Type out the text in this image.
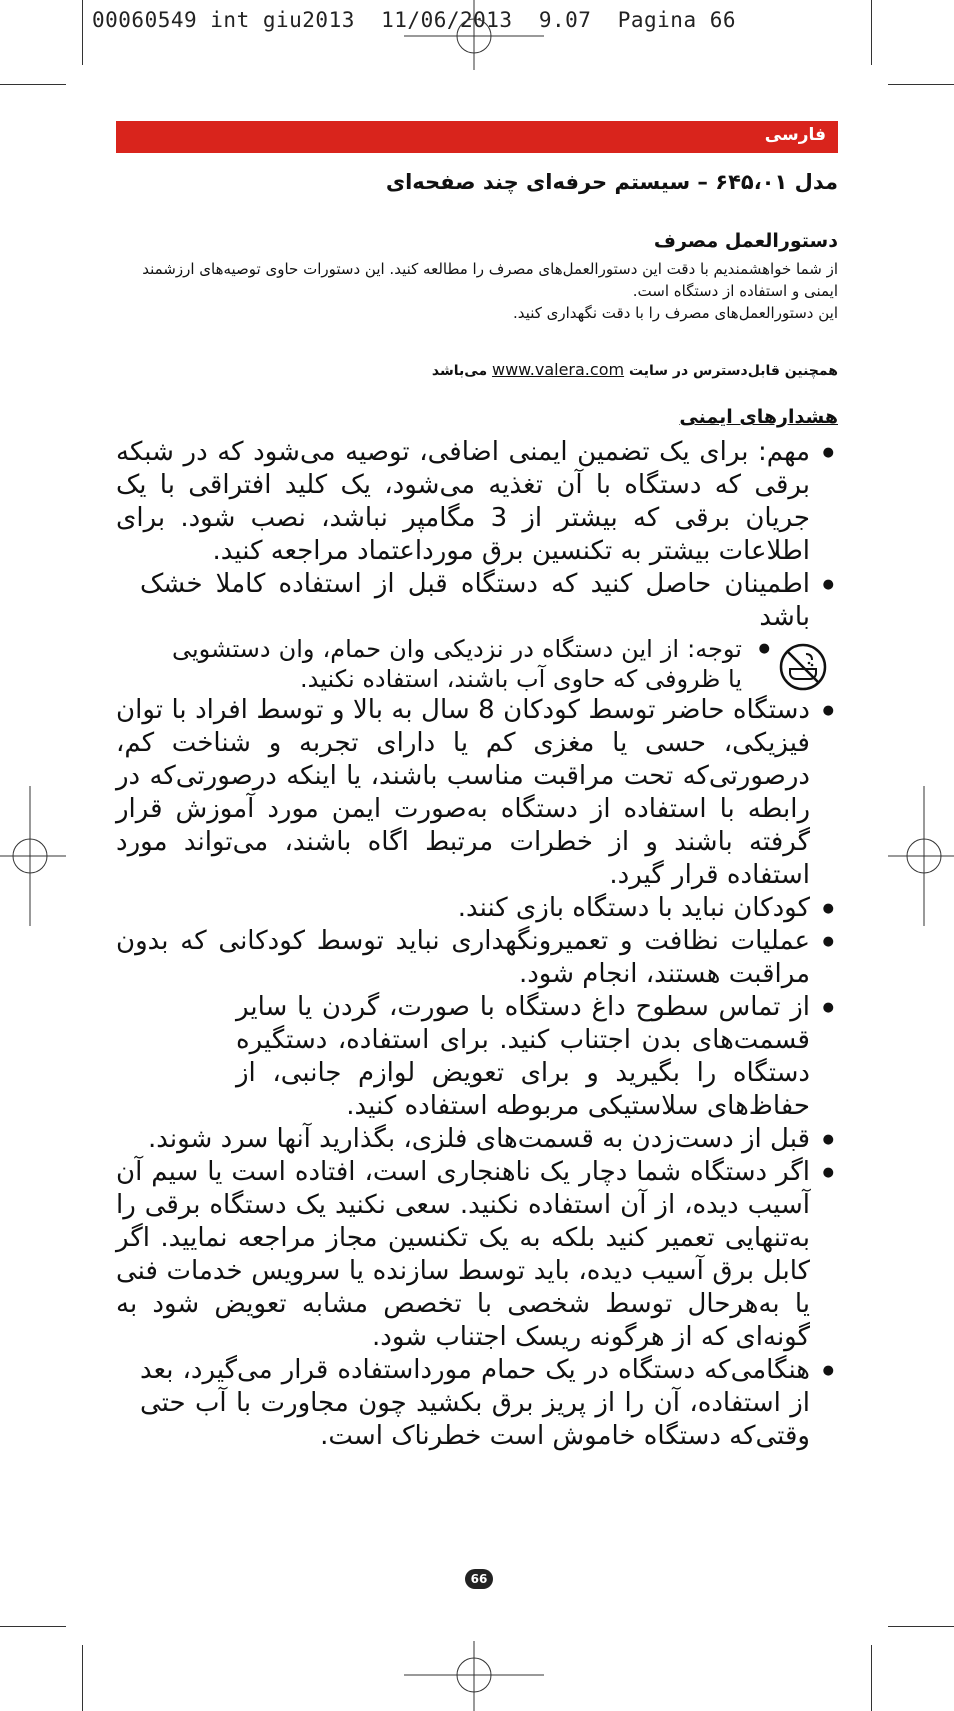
00060549 int giu2013  11/06/2013  9.07  Pagina 66
فارسی
مدل ۶۴۵،۰۱ – سیستم حرفه‌ای چند صفحه‌ای
دستورالعمل مصرف

از شما خواهشمندیم با دقت این دستورالعمل‌های مصرف را مطالعه کنید. این دستورات حاوی توصیه‌های ارزشمند ایمنی و استفاده از دستگاه است.

این دستورالعمل‌های مصرف را با دقت نگهداری کنید.

همچنین قابل‌دسترس در سایت www.valera.com می‌باشد
هشدارهای ایمنی
● مهم: برای یک تضمین ایمنی اضافی، توصیه می‌شود که در شبکه برقی که دستگاه با آن تغذیه می‌شود، یک کلید افتراقی با یک جریان برقی که بیشتر از 3 مگامپر نباشد، نصب شود. برای اطلاعات بیشتر به تکنسین برق مورداعتماد مراجعه کنید.
● اطمینان حاصل کنید که دستگاه قبل از استفاده کاملا خشک باشد
● توجه: از این دستگاه در نزدیکی وان حمام، وان دستشویی یا ظروفی که حاوی آب باشند، استفاده نکنید.
● دستگاه حاضر توسط کودکان 8 سال به بالا و توسط افراد با توان فیزیکی، حسی یا مغزی کم یا دارای تجربه و شناخت کم، درصورتی‌که تحت مراقبت مناسب باشند، یا اینکه درصورتی‌که در رابطه با استفاده از دستگاه به‌صورت ایمن مورد آموزش قرار گرفته باشند و از خطرات مرتبط اگاه باشند، می‌تواند مورد استفاده قرار گیرد.
● کودکان نباید با دستگاه بازی کنند.
● عملیات نظافت و تعمیرونگهداری نباید توسط کودکانی که بدون مراقبت هستند، انجام شود.
● از تماس سطوح داغ دستگاه با صورت، گردن یا سایر قسمت‌های بدن اجتناب کنید. برای استفاده، دستگیره دستگاه را بگیرید و برای تعویض لوازم جانبی، از حفاظ‌های سلاستیکی مربوطه استفاده کنید.
● قبل از دست‌زدن به قسمت‌های فلزی، بگذارید آنها سرد شوند.
● اگر دستگاه شما دچار یک ناهنجاری است، افتاده است یا سیم آن آسیب دیده، از آن استفاده نکنید. سعی نکنید یک دستگاه برقی را به‌تنهایی تعمیر کنید بلکه به یک تکنسین مجاز مراجعه نمایید. اگر کابل برق آسیب دیده، باید توسط سازنده یا سرویس خدمات فنی یا به‌هرحال توسط شخصی با تخصص مشابه تعویض شود به گونه‌ای که از هرگونه ریسک اجتناب شود.
● هنگامی‌که دستگاه در یک حمام مورداستفاده قرار می‌گیرد، بعد از استفاده، آن را از پریز برق بکشید چون مجاورت با آب حتی وقتی‌که دستگاه خاموش است خطرناک است.
66
